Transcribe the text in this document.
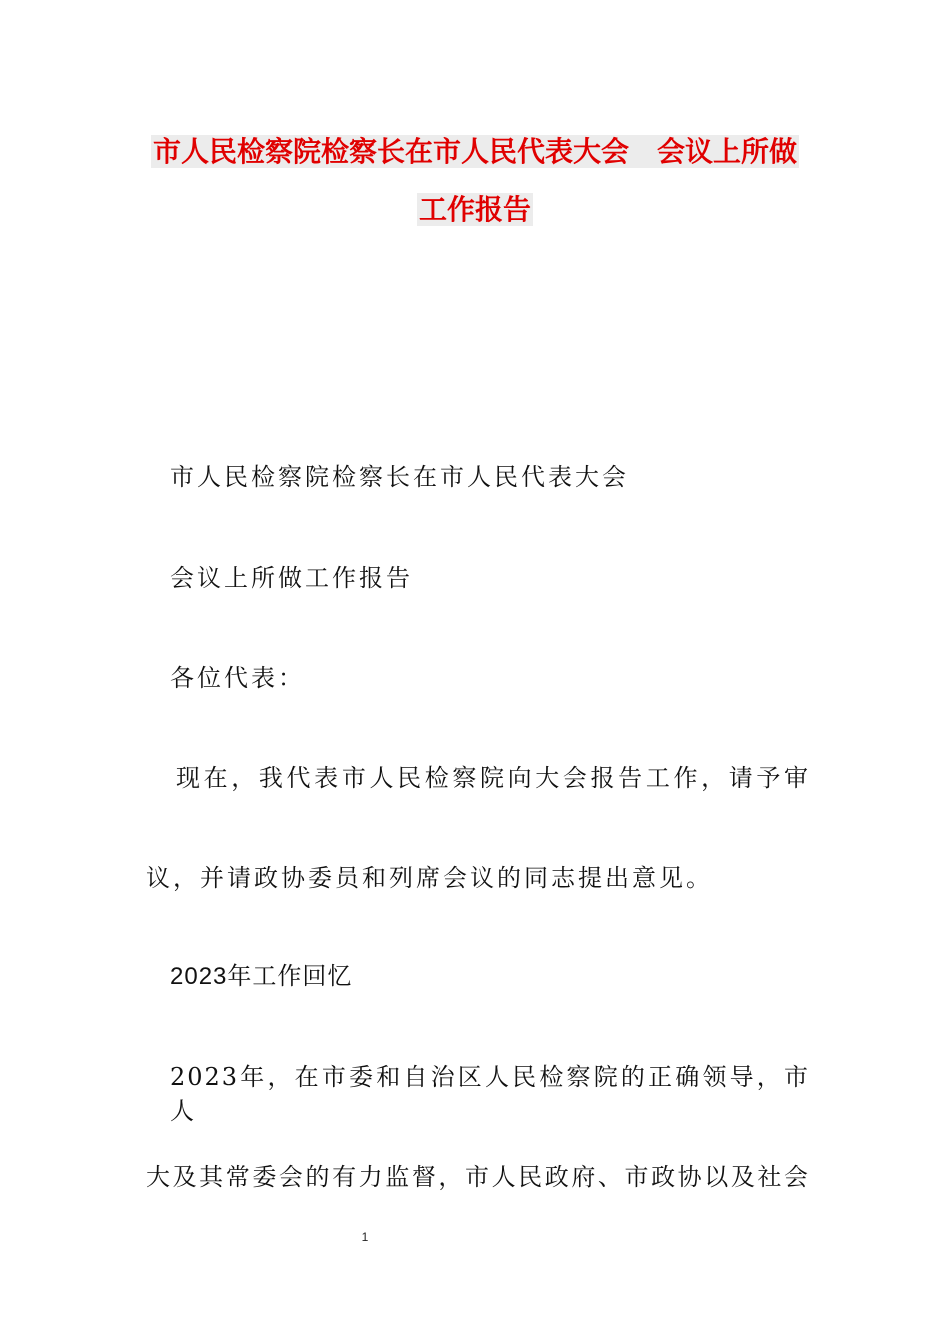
市人民检察院检察长在市人民代表大会　会议上所做
工作报告
市人民检察院检察长在市人民代表大会
会议上所做工作报告
各位代表：
现在，我代表市人民检察院向大会报告工作，请予审
议，并请政协委员和列席会议的同志提出意见。
2023年工作回忆
2023年，在市委和自治区人民检察院的正确领导，市人
大及其常委会的有力监督，市人民政府、市政协以及社会
1
